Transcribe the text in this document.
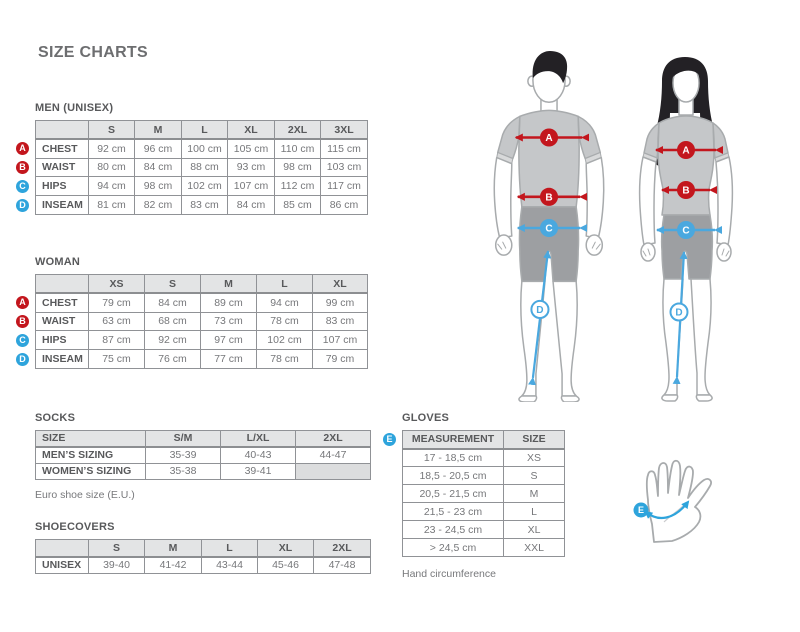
SIZE CHARTS
MEN (UNISEX)
	S	M	L	XL	2XL	3XL
CHEST	92 cm	96 cm	100 cm	105 cm	110 cm	115 cm
WAIST	80 cm	84 cm	88 cm	93 cm	98 cm	103 cm
HIPS	94 cm	98 cm	102 cm	107 cm	112 cm	117 cm
INSEAM	81 cm	82 cm	83 cm	84 cm	85 cm	86 cm
A
B
C
D
WOMAN
	XS	S	M	L	XL
CHEST	79 cm	84 cm	89 cm	94 cm	99 cm
WAIST	63 cm	68 cm	73 cm	78 cm	83 cm
HIPS	87 cm	92 cm	97 cm	102 cm	107 cm
INSEAM	75 cm	76 cm	77 cm	78 cm	79 cm
A
B
C
D
SOCKS
SIZE	S/M	L/XL	2XL
MEN’S SIZING	35-39	40-43	44-47
WOMEN’S SIZING	35-38	39-41	
Euro shoe size (E.U.)
SHOECOVERS
	S	M	L	XL	2XL
UNISEX	39-40	41-42	43-44	45-46	47-48
GLOVES
MEASUREMENT	SIZE
17 - 18,5 cm	XS
18,5 - 20,5 cm	S
20,5 - 21,5 cm	M
21,5 - 23 cm	L
23 - 24,5 cm	XL
> 24,5 cm	XXL
E
Hand circumference
A
B
C
D
A
B
C
D
E
